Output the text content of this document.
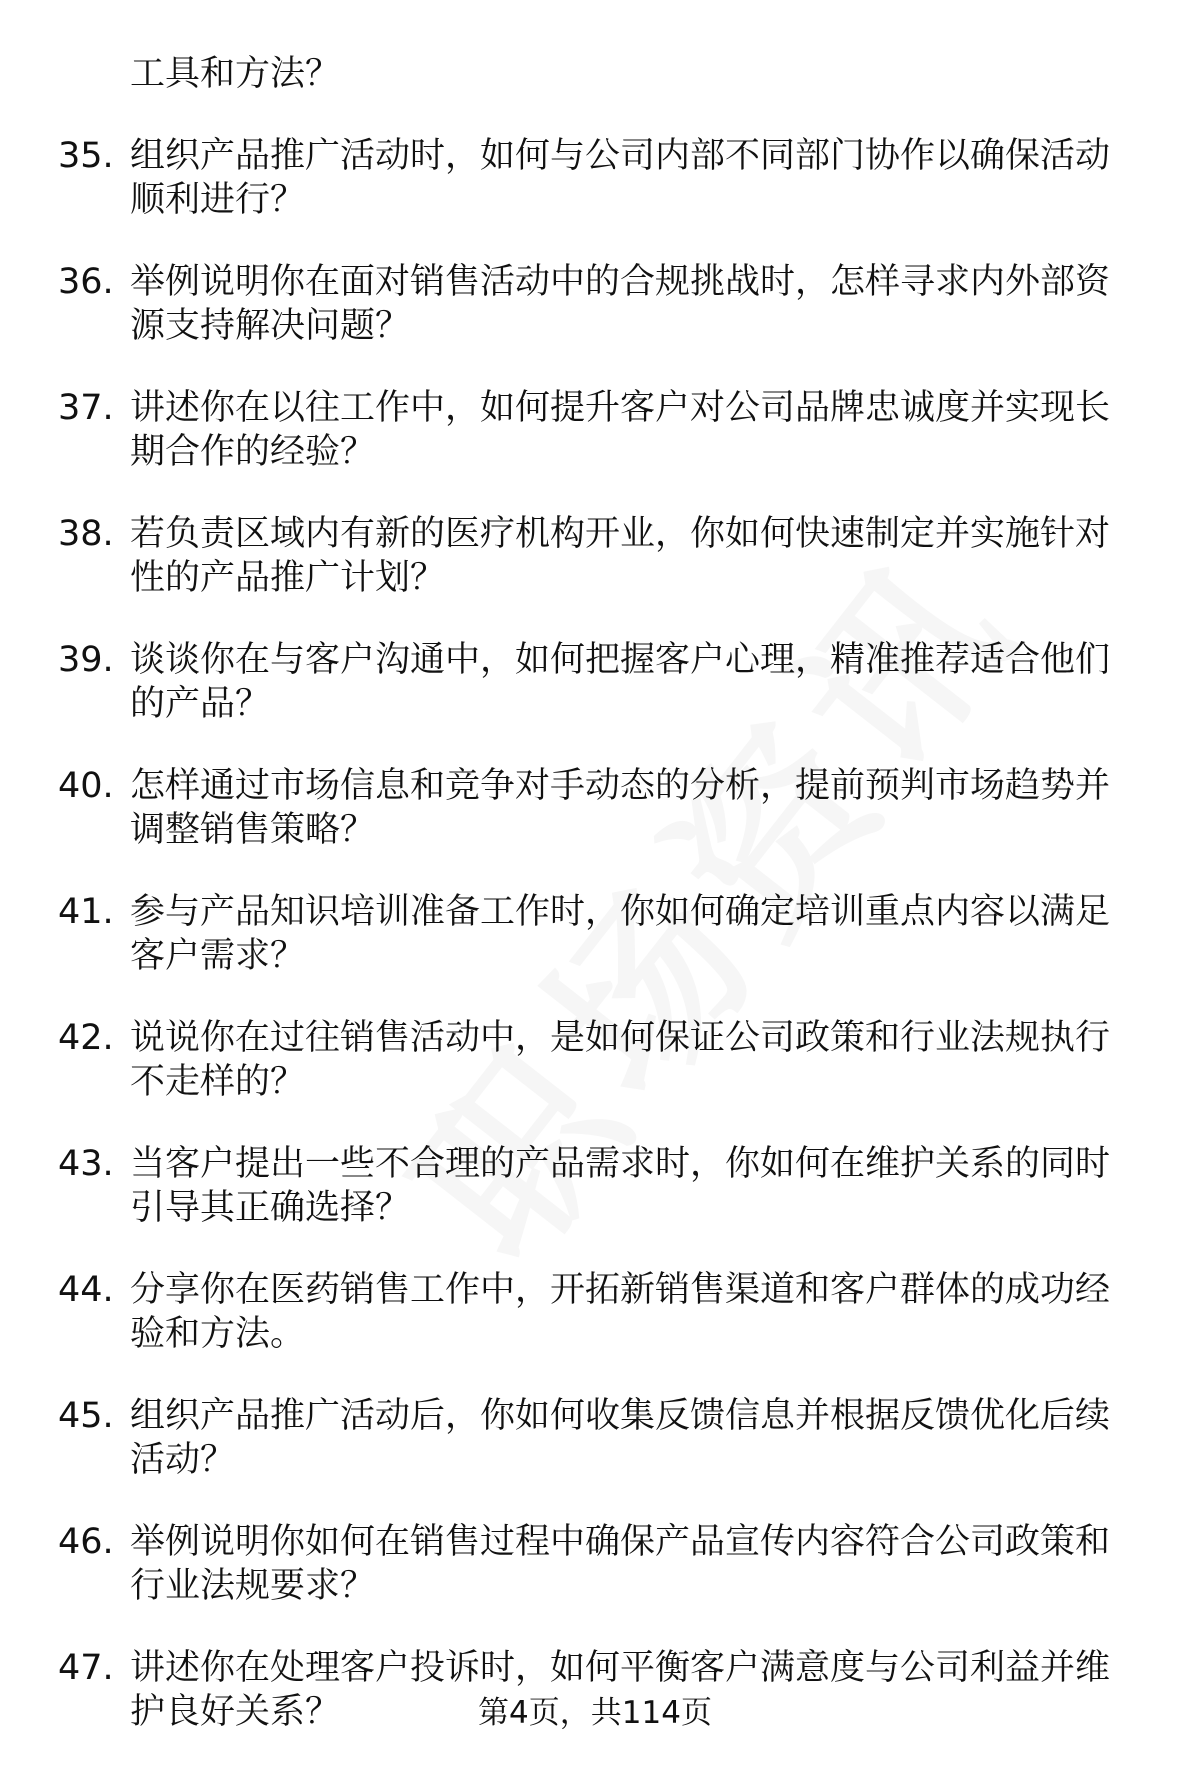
工具和方法？
35. 组织产品推广活动时，如何与公司内部不同部门协作以确保活动顺利进行？
36. 举例说明你在面对销售活动中的合规挑战时，怎样寻求内外部资源支持解决问题？
37. 讲述你在以往工作中，如何提升客户对公司品牌忠诚度并实现长期合作的经验？
38. 若负责区域内有新的医疗机构开业，你如何快速制定并实施针对性的产品推广计划？
39. 谈谈你在与客户沟通中，如何把握客户心理，精准推荐适合他们的产品？
40. 怎样通过市场信息和竞争对手动态的分析，提前预判市场趋势并调整销售策略？
41. 参与产品知识培训准备工作时，你如何确定培训重点内容以满足客户需求？
42. 说说你在过往销售活动中，是如何保证公司政策和行业法规执行不走样的？
43. 当客户提出一些不合理的产品需求时，你如何在维护关系的同时引导其正确选择？
44. 分享你在医药销售工作中，开拓新销售渠道和客户群体的成功经验和方法。
45. 组织产品推广活动后，你如何收集反馈信息并根据反馈优化后续活动？
46. 举例说明你如何在销售过程中确保产品宣传内容符合公司政策和行业法规要求？
47. 讲述你在处理客户投诉时，如何平衡客户满意度与公司利益并维护良好关系？	第4页，共114页
